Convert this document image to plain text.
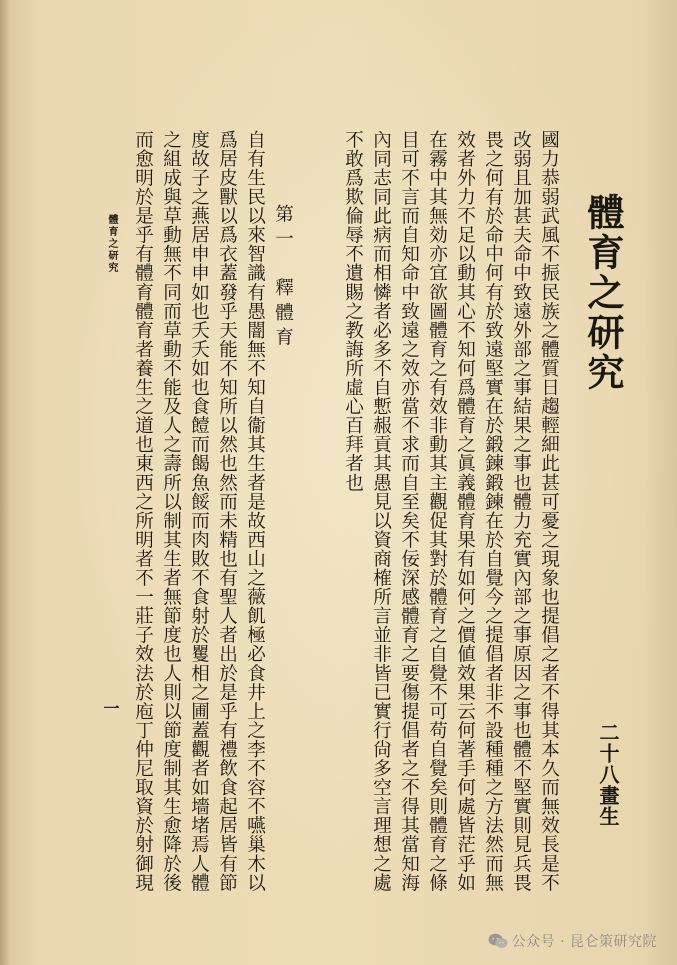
體育之研究
二十八畫生
國力恭弱武風不振民族之體質日趨輕細此甚可憂之現象也提倡之者不得其本久而無效長是不
改弱且加甚夫命中致遠外部之事結果之事也體力充實內部之事原因之事也體不堅實則見兵畏
畏之何有於命中何有於致遠堅實在於鍛鍊鍛鍊在於自覺今之提倡者非不設種種之方法然而無
效者外力不足以動其心不知何爲體育之眞義體育果有如何之價値效果云何著手何處皆茫乎如
在霧中其無効亦宜欲圖體育之有效非動其主觀促其對於體育之自覺不可苟自覺矣則體育之條
目可不言而自知命中致遠之效亦當不求而自至矣不佞深感體育之要傷提倡者之不得其當知海
內同志同此病而相憐者必多不自慙赧貢其愚見以資商榷所言並非皆已實行尙多空言理想之處
不敢爲欺倫辱不遺賜之教誨所虛心百拜者也
第一　釋體育
自有生民以來智識有愚闇無不知自衞其生者是故西山之薇飢極必食井上之李不容不嚥巢木以
爲居皮獸以爲衣蓋發乎天能不知所以然也然而未精也有聖人者出於是乎有禮飲食起居皆有節
度故子之燕居申申如也夭夭如也食饐而餲魚餒而肉敗不食射於矍相之圃蓋觀者如墻堵焉人體
之組成與草動無不同而草動不能及人之壽所以制其生者無節度也人則以節度制其生愈降於後
而愈明於是乎有體育體育者養生之道也東西之所明者不一莊子效法於庖丁仲尼取資於射御現
體育之研究
一
公众号 · 昆仑策研究院
